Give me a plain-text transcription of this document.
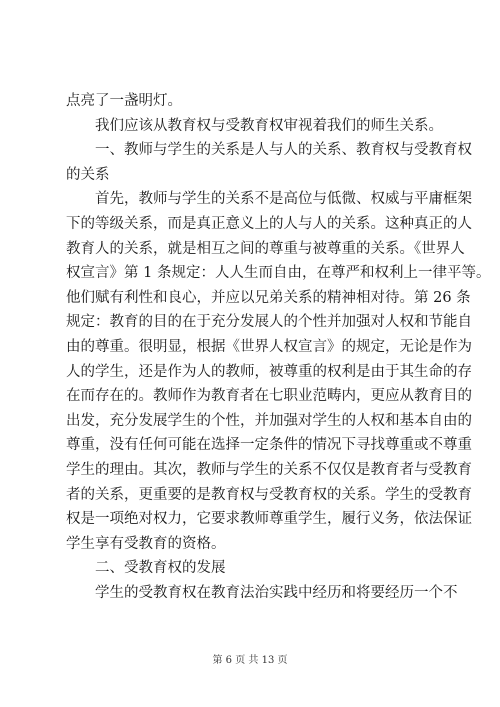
点亮了一盏明灯。
　　我们应该从教育权与受教育权审视着我们的师生关系。
　　一、教师与学生的关系是人与人的关系、教育权与受教育权
的关系
　　首先，教师与学生的关系不是高位与低微、权威与平庸框架
下的等级关系，而是真正意义上的人与人的关系。这种真正的人
教育人的关系，就是相互之间的尊重与被尊重的关系。《世界人
权宣言》第 1 条规定：人人生而自由，在尊严和权利上一律平等。
他们赋有利性和良心，并应以兄弟关系的精神相对待。第 26 条
规定：教育的目的在于充分发展人的个性并加强对人权和节能自
由的尊重。很明显，根据《世界人权宣言》的规定，无论是作为
人的学生，还是作为人的教师，被尊重的权利是由于其生命的存
在而存在的。教师作为教育者在七职业范畴内，更应从教育目的
出发，充分发展学生的个性，并加强对学生的人权和基本自由的
尊重，没有任何可能在选择一定条件的情况下寻找尊重或不尊重
学生的理由。其次，教师与学生的关系不仅仅是教育者与受教育
者的关系，更重要的是教育权与受教育权的关系。学生的受教育
权是一项绝对权力，它要求教师尊重学生，履行义务，依法保证
学生享有受教育的资格。
　　二、受教育权的发展
　　学生的受教育权在教育法治实践中经历和将要经历一个不
第 6 页 共 13 页
